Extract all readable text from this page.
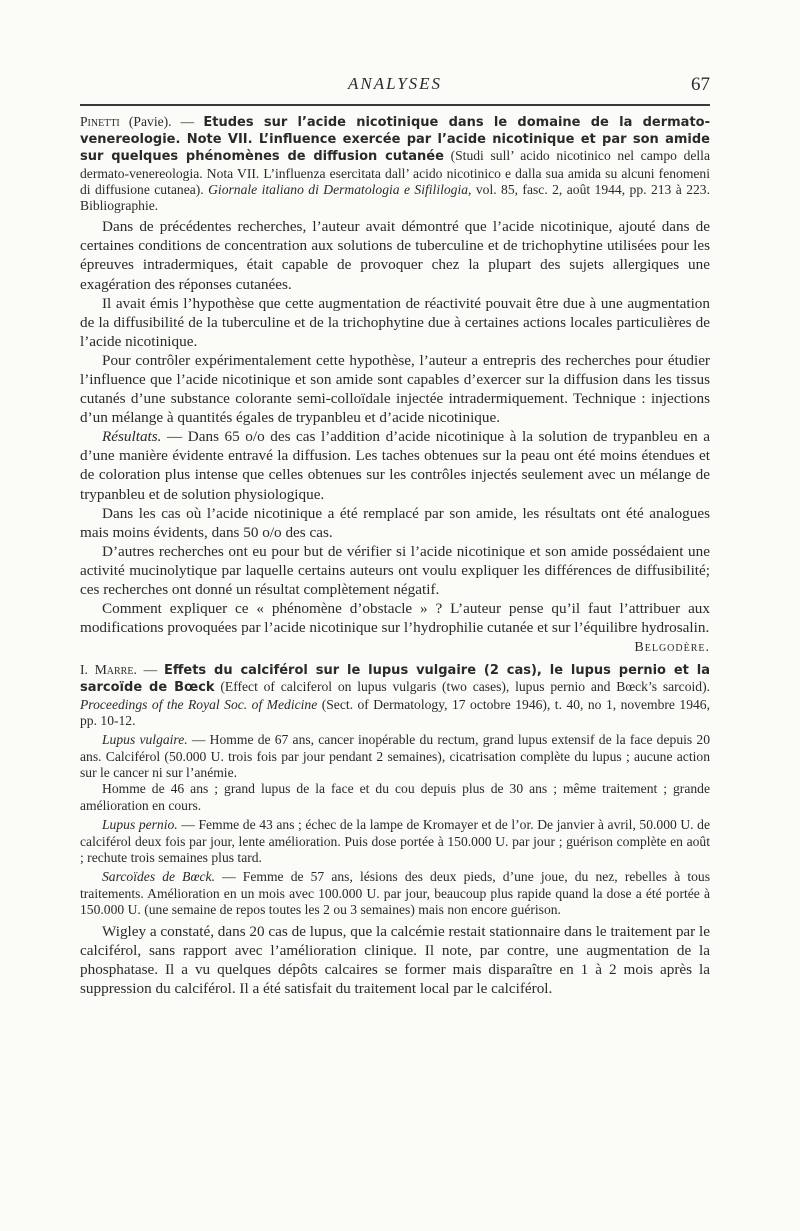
ANALYSES	67

Pinetti (Pavie). — Etudes sur l’acide nicotinique dans le domaine de la dermato-venereologie. Note VII. L’influence exercée par l’acide nicotinique et par son amide sur quelques phénomènes de diffusion cutanée (Studi sull’ acido nicotinico nel campo della dermato-venereologia. Nota VII. L’influenza esercitata dall’ acido nicotinico e dalla sua amida su alcuni fenomeni di diffusione cutanea). Giornale italiano di Dermatologia e Sifililogia, vol. 85, fasc. 2, août 1944, pp. 213 à 223. Bibliographie.

Dans de précédentes recherches, l’auteur avait démontré que l’acide nicotinique, ajouté dans de certaines conditions de concentration aux solutions de tuberculine et de trichophytine utilisées pour les épreuves intradermiques, était capable de provoquer chez la plupart des sujets allergiques une exagération des réponses cutanées.

Il avait émis l’hypothèse que cette augmentation de réactivité pouvait être due à une augmentation de la diffusibilité de la tuberculine et de la trichophytine due à certaines actions locales particulières de l’acide nicotinique.

Pour contrôler expérimentalement cette hypothèse, l’auteur a entrepris des recherches pour étudier l’influence que l’acide nicotinique et son amide sont capables d’exercer sur la diffusion dans les tissus cutanés d’une substance colorante semi-colloïdale injectée intradermiquement. Technique : injections d’un mélange à quantités égales de trypanbleu et d’acide nicotinique.

Résultats. — Dans 65 o/o des cas l’addition d’acide nicotinique à la solution de trypanbleu en a d’une manière évidente entravé la diffusion. Les taches obtenues sur la peau ont été moins étendues et de coloration plus intense que celles obtenues sur les contrôles injectés seulement avec un mélange de trypanbleu et de solution physiologique.

Dans les cas où l’acide nicotinique a été remplacé par son amide, les résultats ont été analogues mais moins évidents, dans 50 o/o des cas.

D’autres recherches ont eu pour but de vérifier si l’acide nicotinique et son amide possédaient une activité mucinolytique par laquelle certains auteurs ont voulu expliquer les différences de diffusibilité; ces recherches ont donné un résultat complètement négatif.

Comment expliquer ce « phénomène d’obstacle » ? L’auteur pense qu’il faut l’attribuer aux modifications provoquées par l’acide nicotinique sur l’hydrophilie cutanée et sur l’équilibre hydrosalin.

Belgodère.

I. Marre. — Effets du calciférol sur le lupus vulgaire (2 cas), le lupus pernio et la sarcoïde de Bœck (Effect of calciferol on lupus vulgaris (two cases), lupus pernio and Bœck’s sarcoid). Proceedings of the Royal Soc. of Medicine (Sect. of Dermatology, 17 octobre 1946), t. 40, no 1, novembre 1946, pp. 10-12.

Lupus vulgaire. — Homme de 67 ans, cancer inopérable du rectum, grand lupus extensif de la face depuis 20 ans. Calciférol (50.000 U. trois fois par jour pendant 2 semaines), cicatrisation complète du lupus ; aucune action sur le cancer ni sur l’anémie.

Homme de 46 ans ; grand lupus de la face et du cou depuis plus de 30 ans ; même traitement ; grande amélioration en cours.

Lupus pernio. — Femme de 43 ans ; échec de la lampe de Kromayer et de l’or. De janvier à avril, 50.000 U. de calciférol deux fois par jour, lente amélioration. Puis dose portée à 150.000 U. par jour ; guérison complète en août ; rechute trois semaines plus tard.

Sarcoïdes de Bœck. — Femme de 57 ans, lésions des deux pieds, d’une joue, du nez, rebelles à tous traitements. Amélioration en un mois avec 100.000 U. par jour, beaucoup plus rapide quand la dose a été portée à 150.000 U. (une semaine de repos toutes les 2 ou 3 semaines) mais non encore guérison.

Wigley a constaté, dans 20 cas de lupus, que la calcémie restait stationnaire dans le traitement par le calciférol, sans rapport avec l’amélioration clinique. Il note, par contre, une augmentation de la phosphatase. Il a vu quelques dépôts calcaires se former mais disparaître en 1 à 2 mois après la suppression du calciférol. Il a été satisfait du traitement local par le calciférol.
